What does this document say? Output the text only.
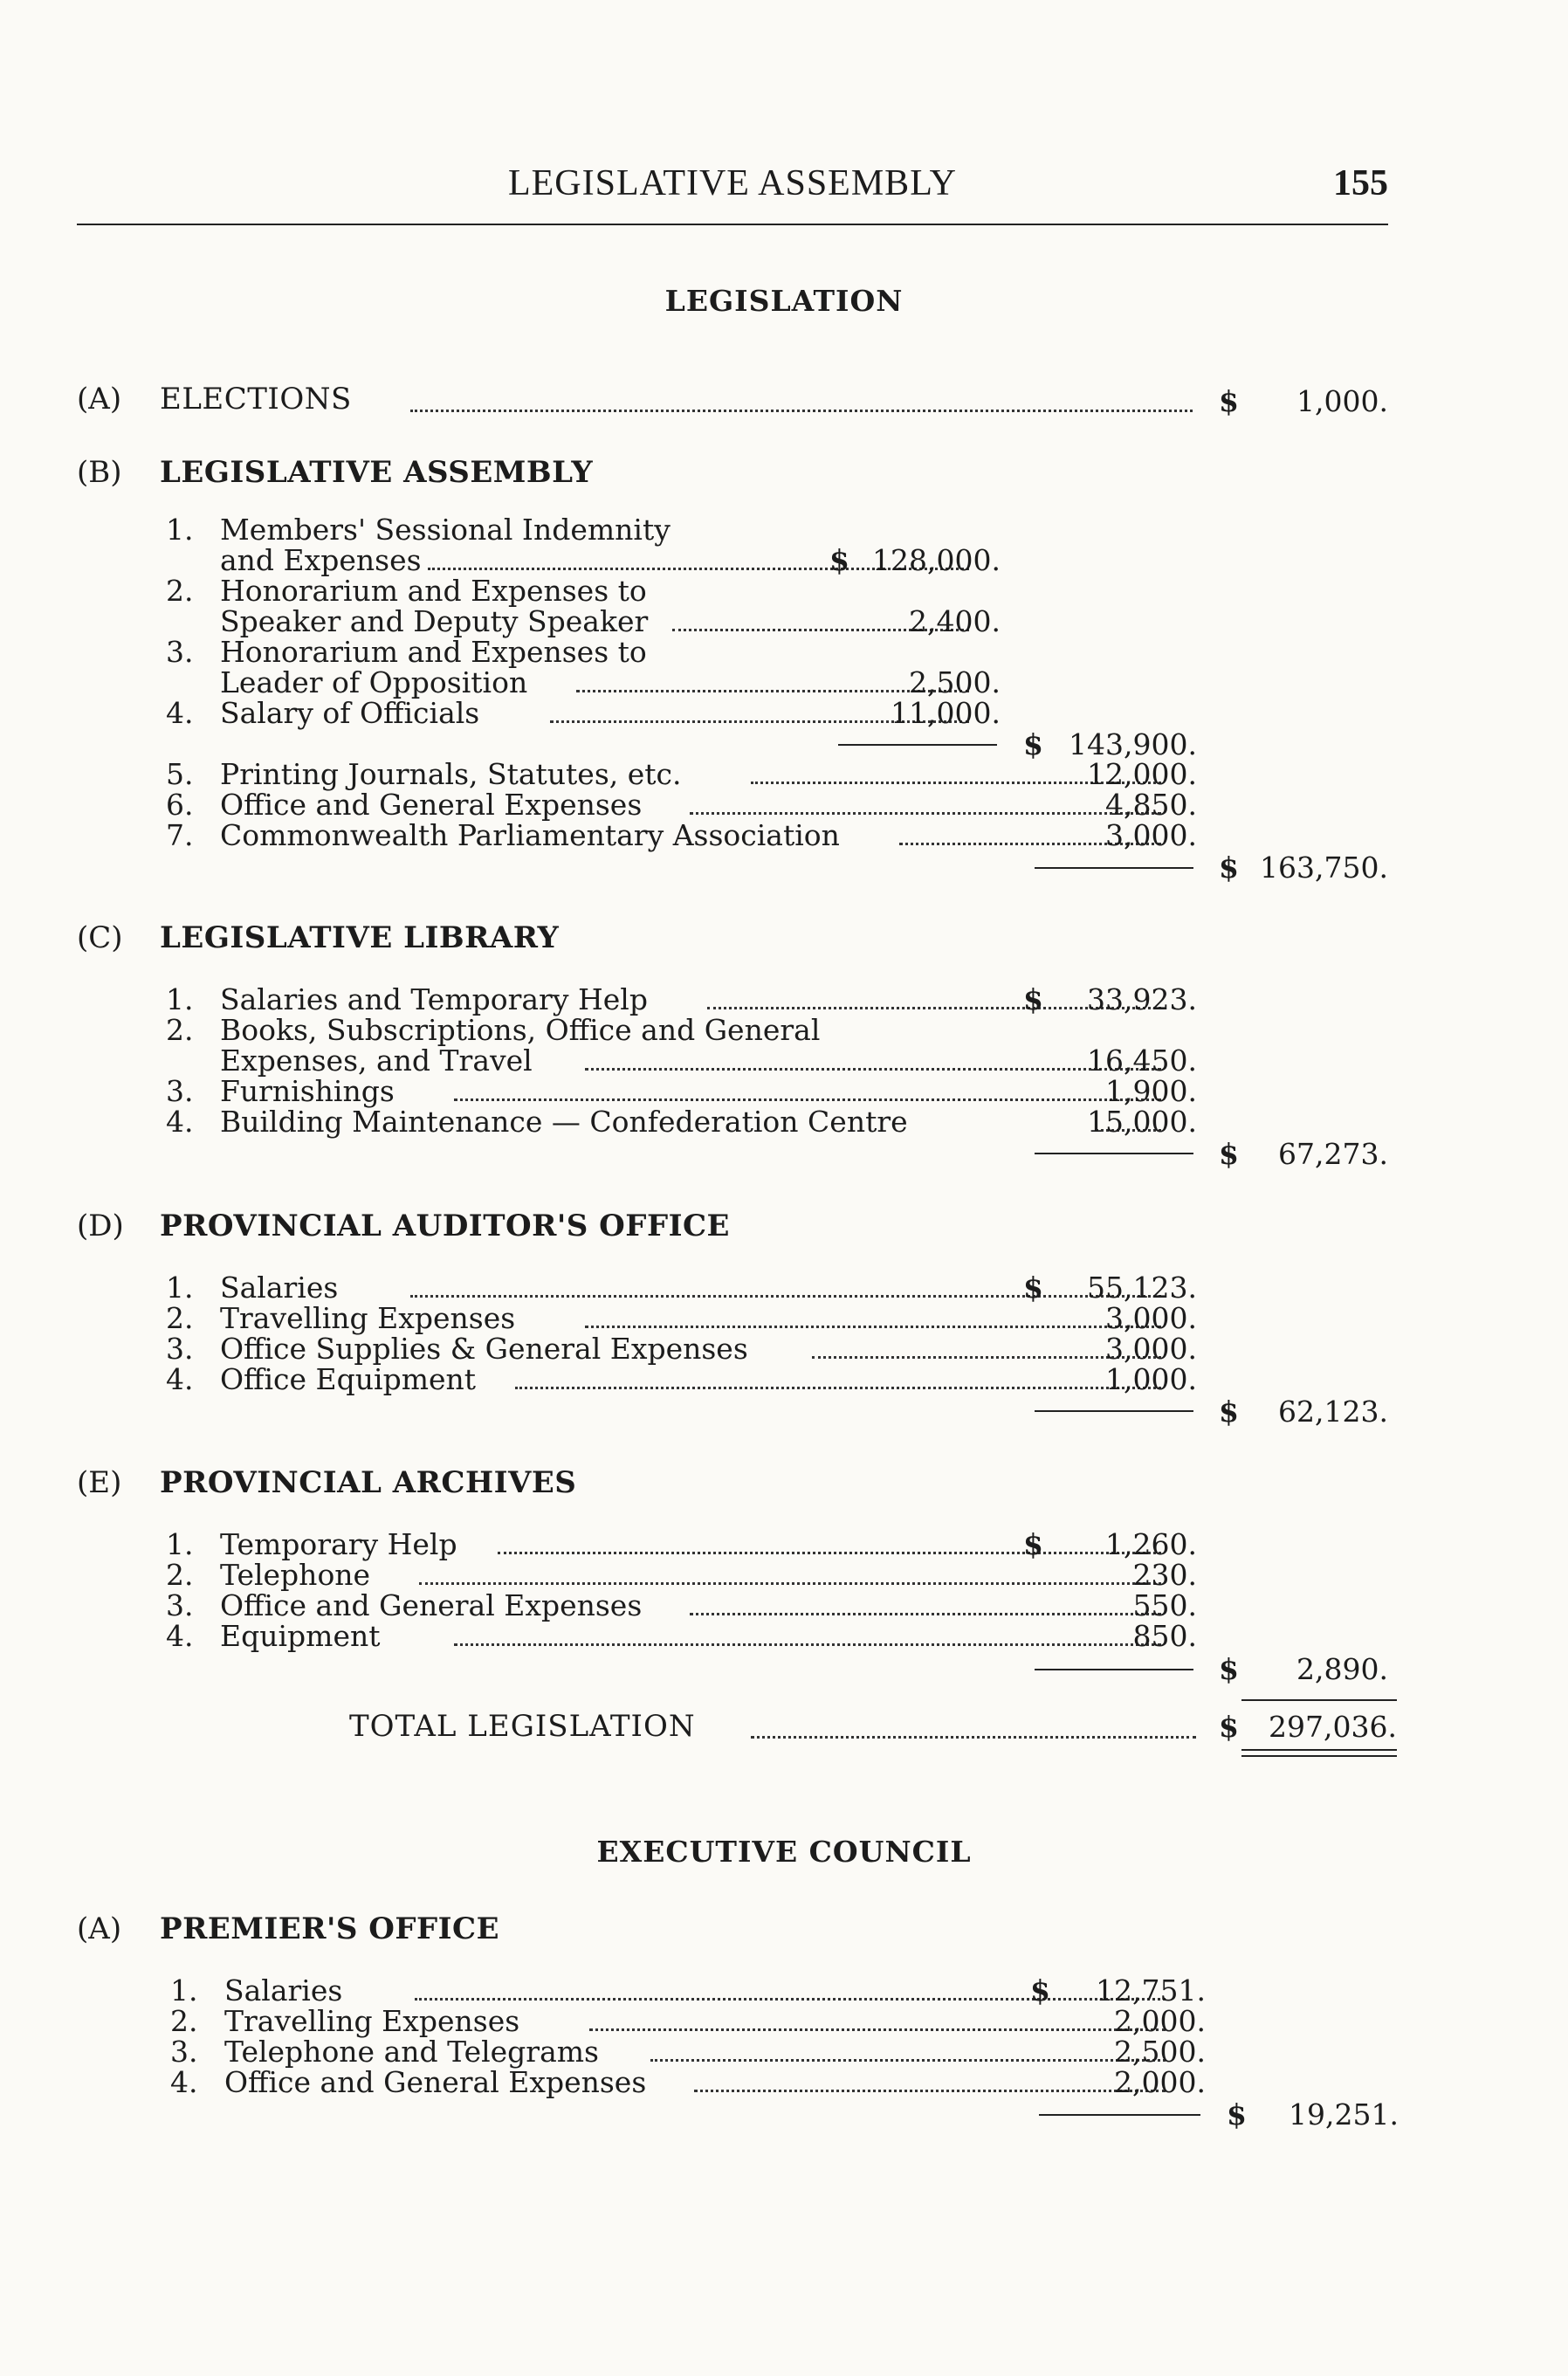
LEGISLATIVE ASSEMBLY	155
LEGISLATION
(A) ELECTIONS	$ 1,000.
(B) LEGISLATIVE ASSEMBLY
1. Members' Sessional Indemnity
and Expenses	$ 128,000.
2. Honorarium and Expenses to
Speaker and Deputy Speaker	2,400.
3. Honorarium and Expenses to
Leader of Opposition	2,500.
4. Salary of Officials	11,000.
$ 143,900.
5. Printing Journals, Statutes, etc.	12,000.
6. Office and General Expenses	4,850.
7. Commonwealth Parliamentary Association	3,000.
$ 163,750.
(C) LEGISLATIVE LIBRARY
1. Salaries and Temporary Help	$ 33,923.
2. Books, Subscriptions, Office and General
Expenses, and Travel	16,450.
3. Furnishings	1,900.
4. Building Maintenance — Confederation Centre	15,000.
$ 67,273.
(D) PROVINCIAL AUDITOR'S OFFICE
1. Salaries	$ 55,123.
2. Travelling Expenses	3,000.
3. Office Supplies & General Expenses	3,000.
4. Office Equipment	1,000.
$ 62,123.
(E) PROVINCIAL ARCHIVES
1. Temporary Help	$ 1,260.
2. Telephone	230.
3. Office and General Expenses	550.
4. Equipment	850.
$ 2,890.
TOTAL LEGISLATION	$ 297,036.
EXECUTIVE COUNCIL
(A) PREMIER'S OFFICE
1. Salaries	$ 12,751.
2. Travelling Expenses	2,000.
3. Telephone and Telegrams	2,500.
4. Office and General Expenses	2,000.
$ 19,251.
